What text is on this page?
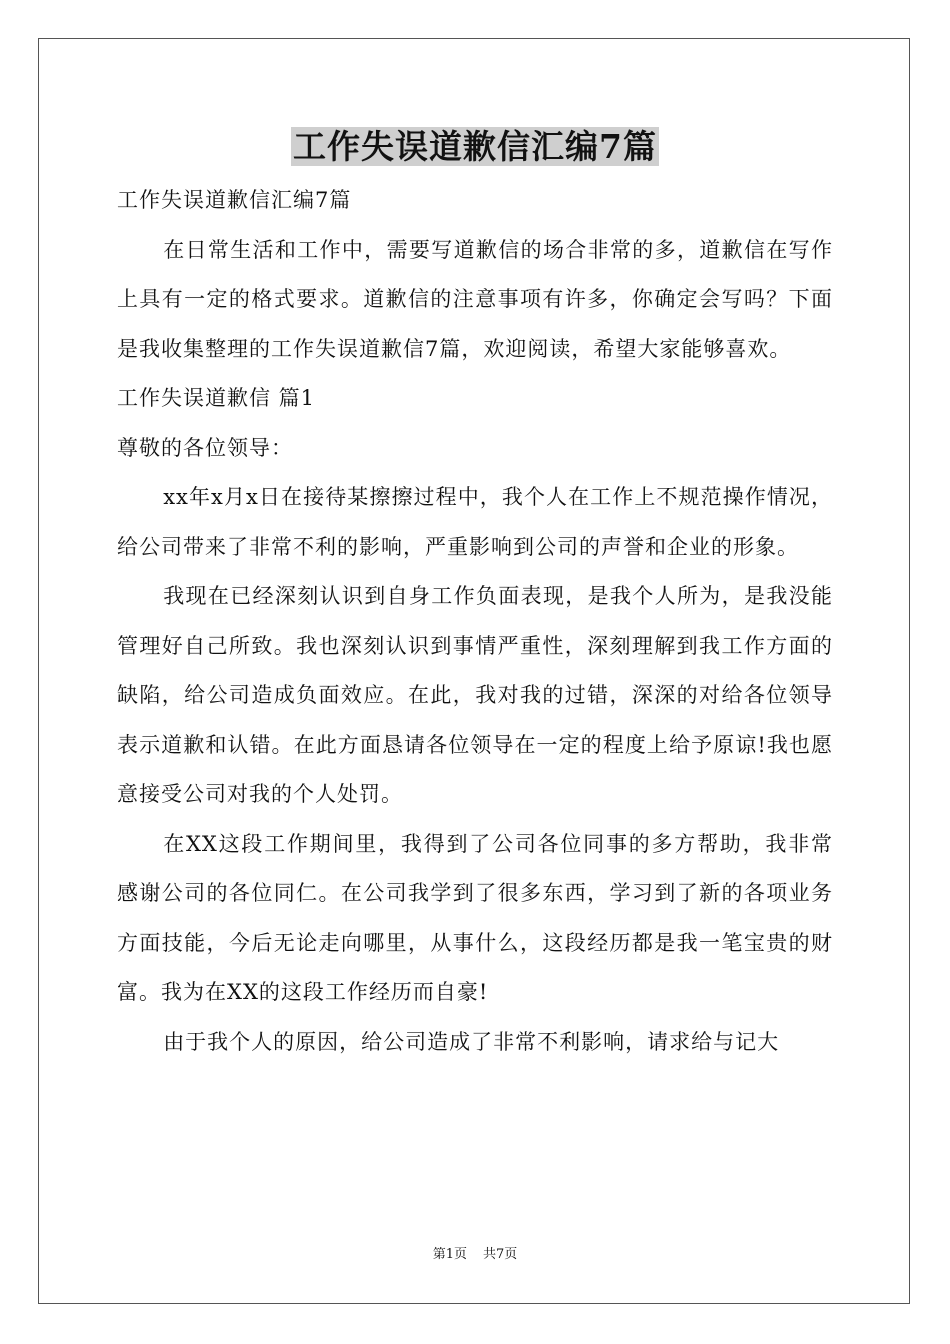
工作失误道歉信汇编7篇

工作失误道歉信汇编7篇

在日常生活和工作中，需要写道歉信的场合非常的多，道歉信在写作上具有一定的格式要求。道歉信的注意事项有许多，你确定会写吗？下面是我收集整理的工作失误道歉信7篇，欢迎阅读，希望大家能够喜欢。

工作失误道歉信 篇1

尊敬的各位领导：

xx年x月x日在接待某擦擦过程中，我个人在工作上不规范操作情况，给公司带来了非常不利的影响，严重影响到公司的声誉和企业的形象。

我现在已经深刻认识到自身工作负面表现，是我个人所为，是我没能管理好自己所致。我也深刻认识到事情严重性，深刻理解到我工作方面的缺陷，给公司造成负面效应。在此，我对我的过错，深深的对给各位领导表示道歉和认错。在此方面恳请各位领导在一定的程度上给予原谅!我也愿意接受公司对我的个人处罚。

在XX这段工作期间里，我得到了公司各位同事的多方帮助，我非常感谢公司的各位同仁。在公司我学到了很多东西，学习到了新的各项业务方面技能，今后无论走向哪里，从事什么，这段经历都是我一笔宝贵的财富。我为在XX的这段工作经历而自豪!

由于我个人的原因，给公司造成了非常不利影响，请求给与记大

第1页 共7页
